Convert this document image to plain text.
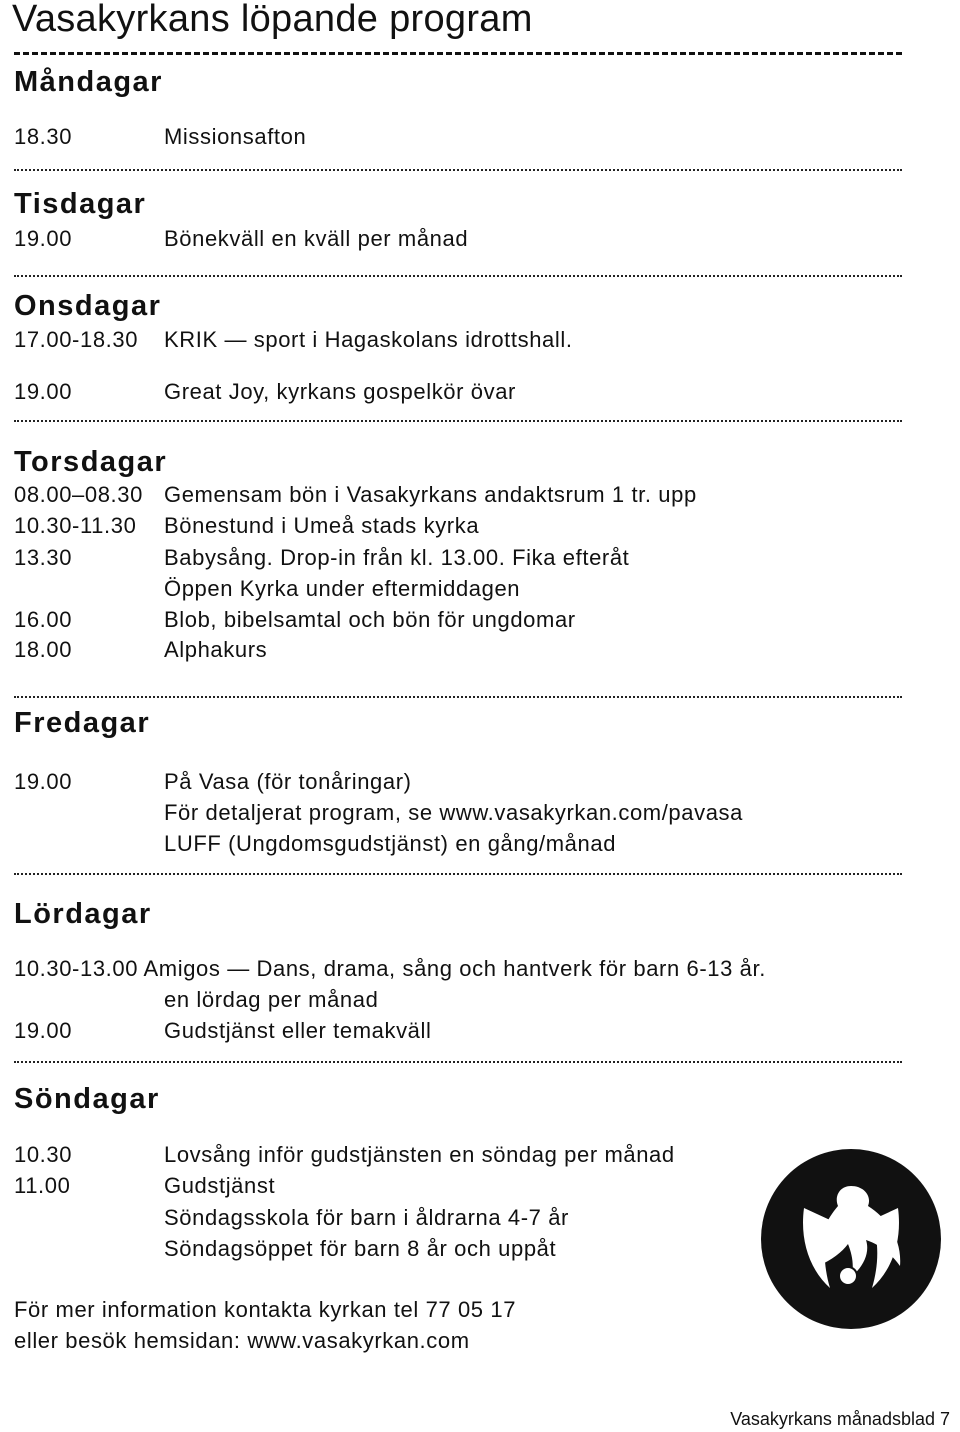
Vasakyrkans löpande program
Måndagar
18.30	Missionsafton
Tisdagar
19.00	Bönekväll en kväll per månad
Onsdagar
17.00-18.30 KRIK — sport i Hagaskolans idrottshall.
19.00	Great Joy, kyrkans gospelkör övar
Torsdagar
08.00–08.30 Gemensam bön i Vasakyrkans andaktsrum 1 tr. upp
10.30-11.30 Bönestund i Umeå stads kyrka
13.30	Babysång. Drop-in från kl. 13.00. Fika efteråt
Öppen Kyrka under eftermiddagen
16.00	Blob, bibelsamtal och bön för ungdomar
18.00	Alphakurs
Fredagar
19.00	På Vasa (för tonåringar)
För detaljerat program, se www.vasakyrkan.com/pavasa
LUFF (Ungdomsgudstjänst) en gång/månad
Lördagar
10.30-13.00 Amigos — Dans, drama, sång och hantverk för barn 6-13 år.
en lördag per månad
19.00	Gudstjänst eller temakväll
Söndagar
10.30	Lovsång inför gudstjänsten en söndag per månad
11.00	Gudstjänst
Söndagsskola för barn i åldrarna 4-7 år
Söndagsöppet för barn 8 år och uppåt
För mer information kontakta kyrkan tel 77 05 17
eller besök hemsidan: www.vasakyrkan.com
Vasakyrkans månadsblad 7
